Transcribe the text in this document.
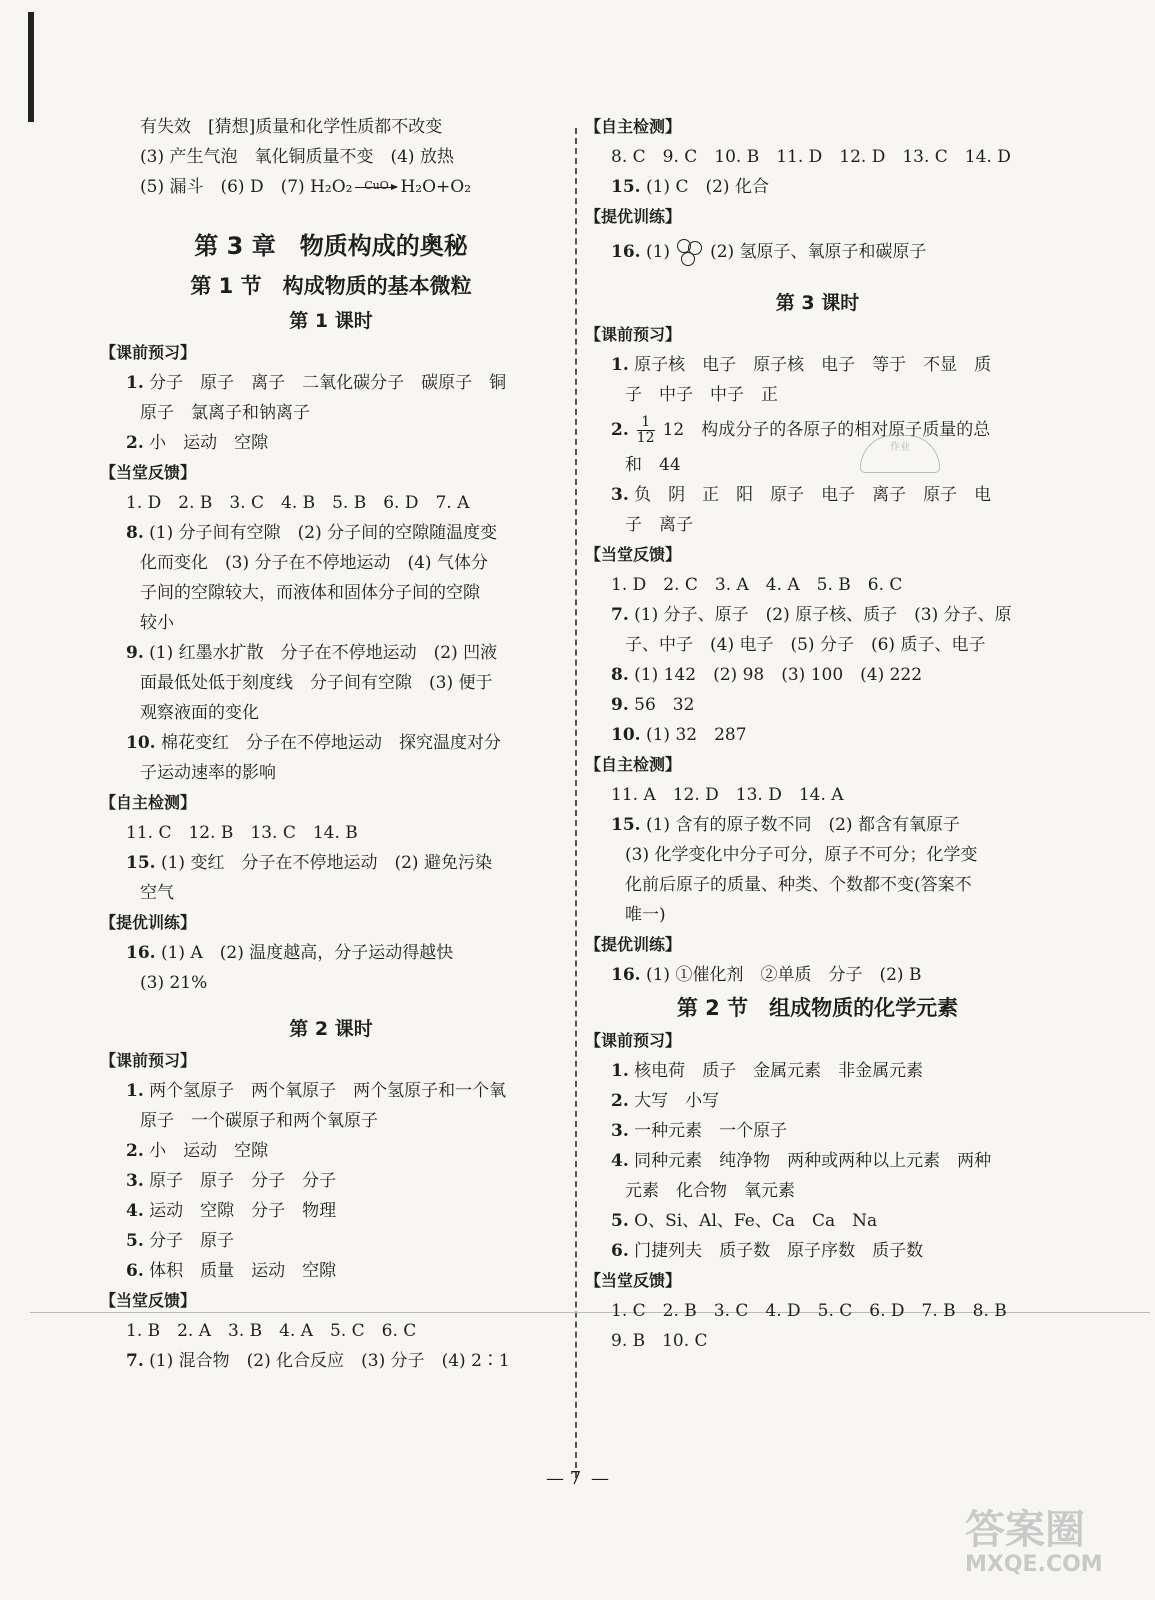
有失效　[猜想]质量和化学性质都不改变
(3) 产生气泡　氧化铜质量不变　(4) 放热
(5) 漏斗　(6) D　(7) H₂O₂	CuO H₂O+O₂
第 3 章　物质构成的奥秘
第 1 节　构成物质的基本微粒
第 1 课时
【课前预习】
1. 分子　原子　离子　二氧化碳分子　碳原子　铜
原子　氯离子和钠离子
2. 小　运动　空隙
【当堂反馈】
1. D　2. B　3. C　4. B　5. B　6. D　7. A
8. (1) 分子间有空隙　(2) 分子间的空隙随温度变
化而变化　(3) 分子在不停地运动　(4) 气体分
子间的空隙较大，而液体和固体分子间的空隙
较小
9. (1) 红墨水扩散　分子在不停地运动　(2) 凹液
面最低处低于刻度线　分子间有空隙　(3) 便于
观察液面的变化
10. 棉花变红　分子在不停地运动　探究温度对分
子运动速率的影响
【自主检测】
11. C　12. B　13. C　14. B
15. (1) 变红　分子在不停地运动　(2) 避免污染
空气
【提优训练】
16. (1) A　(2) 温度越高，分子运动得越快
(3) 21%
第 2 课时
【课前预习】
1. 两个氢原子　两个氧原子　两个氢原子和一个氧
原子　一个碳原子和两个氧原子
2. 小　运动　空隙
3. 原子　原子　分子　分子
4. 运动　空隙　分子　物理
5. 分子　原子
6. 体积　质量　运动　空隙
【当堂反馈】
1. B　2. A　3. B　4. A　5. C　6. C
7. (1) 混合物　(2) 化合反应　(3) 分子　(4) 2∶1
【自主检测】
8. C　9. C　10. B　11. D　12. D　13. C　14. D
15. (1) C　(2) 化合
【提优训练】
16. (1) (2) 氢原子、氧原子和碳原子
第 3 课时
【课前预习】
1. 原子核　电子　原子核　电子　等于　不显　质
子　中子　中子　正
2. $\frac{1}{12} 12$　构成分子的各原子的相对原子质量的总
和　44
3. 负　阴　正　阳　原子　电子　离子　原子　电
子　离子
【当堂反馈】
1. D　2. C　3. A　4. A　5. B　6. C
7. (1) 分子、原子　(2) 原子核、质子　(3) 分子、原
子、中子　(4) 电子　(5) 分子　(6) 质子、电子
8. (1) 142　(2) 98　(3) 100　(4) 222
9. 56　32
10. (1) 32　287
【自主检测】
11. A　12. D　13. D　14. A
15. (1) 含有的原子数不同　(2) 都含有氧原子
(3) 化学变化中分子可分，原子不可分；化学变
化前后原子的质量、种类、个数都不变(答案不
唯一)
【提优训练】
16. (1) ①催化剂　②单质　分子　(2) B
第 2 节　组成物质的化学元素
【课前预习】
1. 核电荷　质子　金属元素　非金属元素
2. 大写　小写
3. 一种元素　一个原子
4. 同种元素　纯净物　两种或两种以上元素　两种
元素　化合物　氧元素
5. O、Si、Al、Fe、Ca　Ca　Na
6. 门捷列夫　质子数　原子序数　质子数
【当堂反馈】
1. C　2. B　3. C　4. D　5. C　6. D　7. B　8. B
9. B　10. C
作业
— 7 —
答案圈
MXQE.COM
